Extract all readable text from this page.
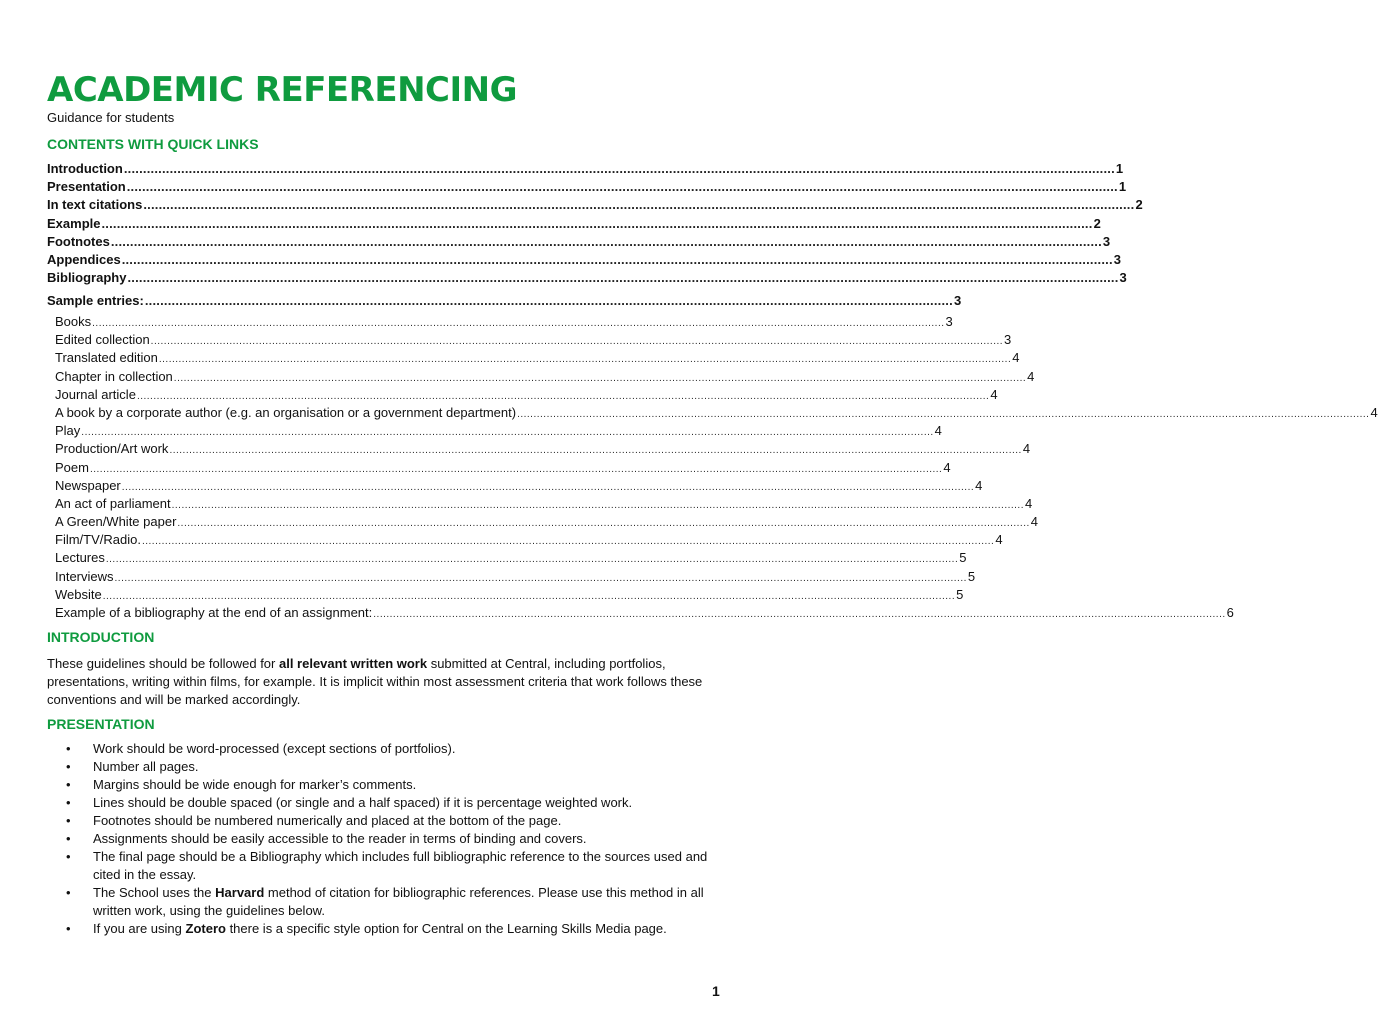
ACADEMIC REFERENCING
Guidance for students
CONTENTS WITH QUICK LINKS
Introduction .................................................................................................................................................................................................................................................................... 1
Presentation .................................................................................................................................................................................................................................................................... 1
In text citations .................................................................................................................................................................................................................................................................... 2
Example .................................................................................................................................................................................................................................................................... 2
Footnotes .................................................................................................................................................................................................................................................................... 3
Appendices .................................................................................................................................................................................................................................................................... 3
Bibliography .................................................................................................................................................................................................................................................................... 3
Sample entries: .................................................................................................................................................................................................................... 3
Books .................................................................................................................................................................................................................................................................... 3
Edited collection .................................................................................................................................................................................................................................................................... 3
Translated edition .................................................................................................................................................................................................................................................................... 4
Chapter in collection .................................................................................................................................................................................................................................................................... 4
Journal article .................................................................................................................................................................................................................................................................... 4
A book by a corporate author (e.g. an organisation or a government department) .................................................................................................................................................................................................................................................................... 4
Play .................................................................................................................................................................................................................................................................... 4
Production/Art work .................................................................................................................................................................................................................................................................... 4
Poem .................................................................................................................................................................................................................................................................... 4
Newspaper .................................................................................................................................................................................................................................................................... 4
An act of parliament .................................................................................................................................................................................................................................................................... 4
A Green/White paper .................................................................................................................................................................................................................................................................... 4
Film/TV/Radio. .................................................................................................................................................................................................................................................................... 4
Lectures .................................................................................................................................................................................................................................................................... 5
Interviews .................................................................................................................................................................................................................................................................... 5
Website .................................................................................................................................................................................................................................................................... 5
Example of a bibliography at the end of an assignment: .................................................................................................................................................................................................................................................................... 6
INTRODUCTION

These guidelines should be followed for all relevant written work submitted at Central, including portfolios, presentations, writing within films, for example. It is implicit within most assessment criteria that work follows these conventions and will be marked accordingly.

PRESENTATION
• Work should be word-processed (except sections of portfolios).
• Number all pages.
• Margins should be wide enough for marker’s comments.
• Lines should be double spaced (or single and a half spaced) if it is percentage weighted work.
• Footnotes should be numbered numerically and placed at the bottom of the page.
• Assignments should be easily accessible to the reader in terms of binding and covers.
• The final page should be a Bibliography which includes full bibliographic reference to the sources used and cited in the essay.
• The School uses the Harvard method of citation for bibliographic references. Please use this method in all written work, using the guidelines below.
• If you are using Zotero there is a specific style option for Central on the Learning Skills Media page.
1
